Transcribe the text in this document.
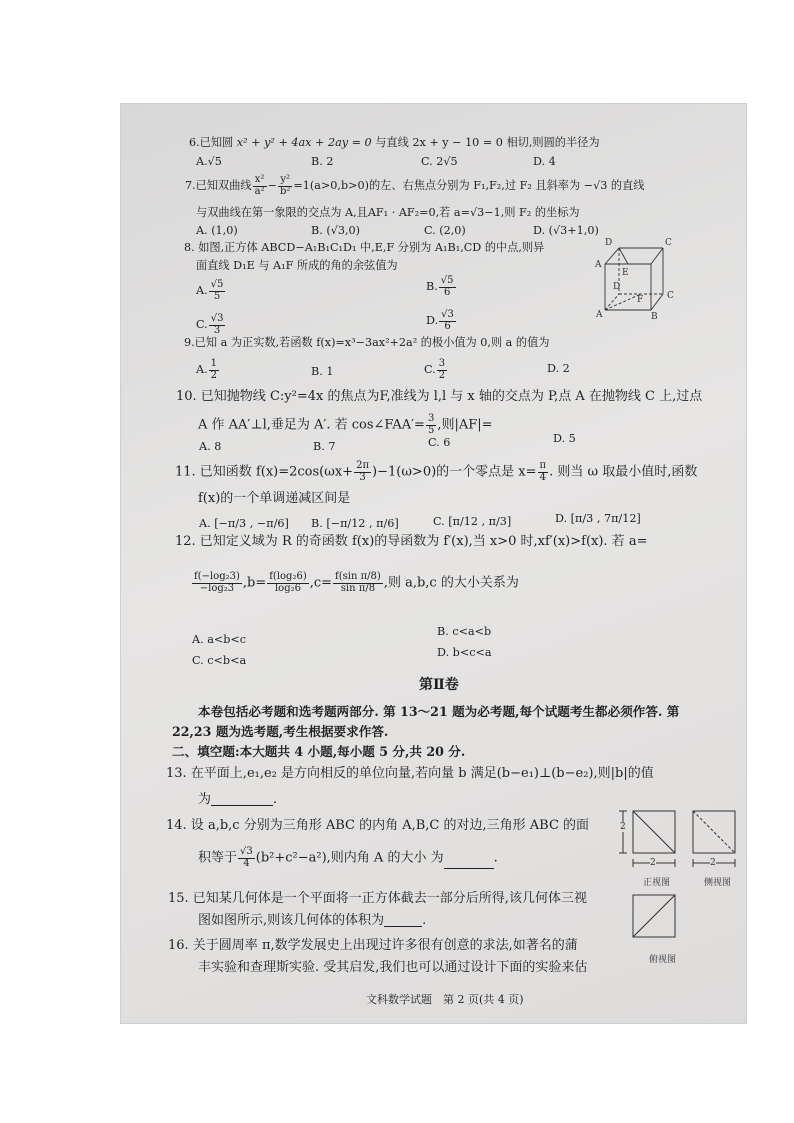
6.已知圆 x² + y² + 4ax + 2ay = 0 与直线 2x + y − 10 = 0 相切,则圆的半径为
A.√5	B. 2	C. 2√5	D. 4
7.已知双曲线 $\frac{\text{x²}}{\text{a²}} - \frac{\text{y²}}{\text{b²}} =1(a>0,b>0)$的左、右焦点分别为 F₁,F₂,过 F₂ 且斜率为 −√3 的直线
与双曲线在第一象限的交点为 A,且AF₁ · AF₂=0,若 a=√3−1,则 F₂ 的坐标为
A. (1,0)	B. (√3,0)	C. (2,0)	D. (√3+1,0)
8. 如图,正方体 ABCD−A₁B₁C₁D₁ 中,E,F 分别为 A₁B₁,CD 的中点,则异
面直线 D₁E 与 A₁F 所成的角的余弦值为
A. $\frac{√5}{5}$	B. $\frac{√5}{6}$
C. $\frac{√3}{3}$	D. $\frac{√3}{6}$
D	C
A
E
D
F	C
A	B
9.已知 a 为正实数,若函数 f(x)=x³−3ax²+2a² 的极小值为 0,则 a 的值为
A. $\frac{1}{2}$	B. 1	C. $\frac{3}{2}$	D. 2
10. 已知抛物线 C:y²=4x 的焦点为F,准线为 l,l 与 x 轴的交点为 P,点 A 在抛物线 C 上,过点
A 作 AA′⊥l,垂足为 A′. 若 cos∠FAA′= $\frac{3}{5}$ ,则|AF|=
A. 8	B. 7	C. 6	D. 5
11. 已知函数 $f(x)=2\cos(\omega x+ \frac{2\pi}{3} )-1(\omega>0)$的一个零点是 $x= \frac{\pi}{4}$ . 则当 ω 取最小值时,函数
f(x)的一个单调递减区间是
A. [−π/3 , −π/6] B. [−π/12 , π/6]	C. [π/12 , π/3]	D. [π/3 , 7π/12]
12. 已知定义域为 R 的奇函数 f(x)的导函数为 f′(x),当 x>0 时,xf′(x)>f(x). 若 a=
$\frac{\text{f(−log₂3)}}{\text{−log₂3}} ,b= \frac{\text{f(log₂6)}}{\text{log₂6}} ,c= \frac{\text{f(sin π/8)}}{\text{sin π/8}}$ ,则 a,b,c 的大小关系为
A. a<b<c
B. c<a<b
C. c<b<a
D. b<c<a
第Ⅱ卷
本卷包括必考题和选考题两部分. 第 13～21 题为必考题,每个试题考生都必须作答. 第
22,23 题为选考题,考生根据要求作答.
二、填空题:本大题共 4 小题,每小题 5 分,共 20 分.
13. 在平面上,e₁,e₂ 是方向相反的单位向量,若向量 b 满足(b−e₁)⊥(b−e₂),则|b|的值
为	.
14. 设 a,b,c 分别为三角形 ABC 的内角 A,B,C 的对边,三角形 ABC 的面
积等于 $\frac{√3}{4} (b^2+c^2-a^2)$,则内角 A 的大小 为	.
15. 已知某几何体是一个平面将一正方体截去一部分后所得,该几何体三视
图如图所示,则该几何体的体积为	.
16. 关于圆周率 π,数学发展史上出现过许多很有创意的求法,如著名的蒲
丰实验和查理斯实验. 受其启发,我们也可以通过设计下面的实验来估
2
2
正视图
2
侧视图
俯视图
文科数学试题　第 2 页(共 4 页)
